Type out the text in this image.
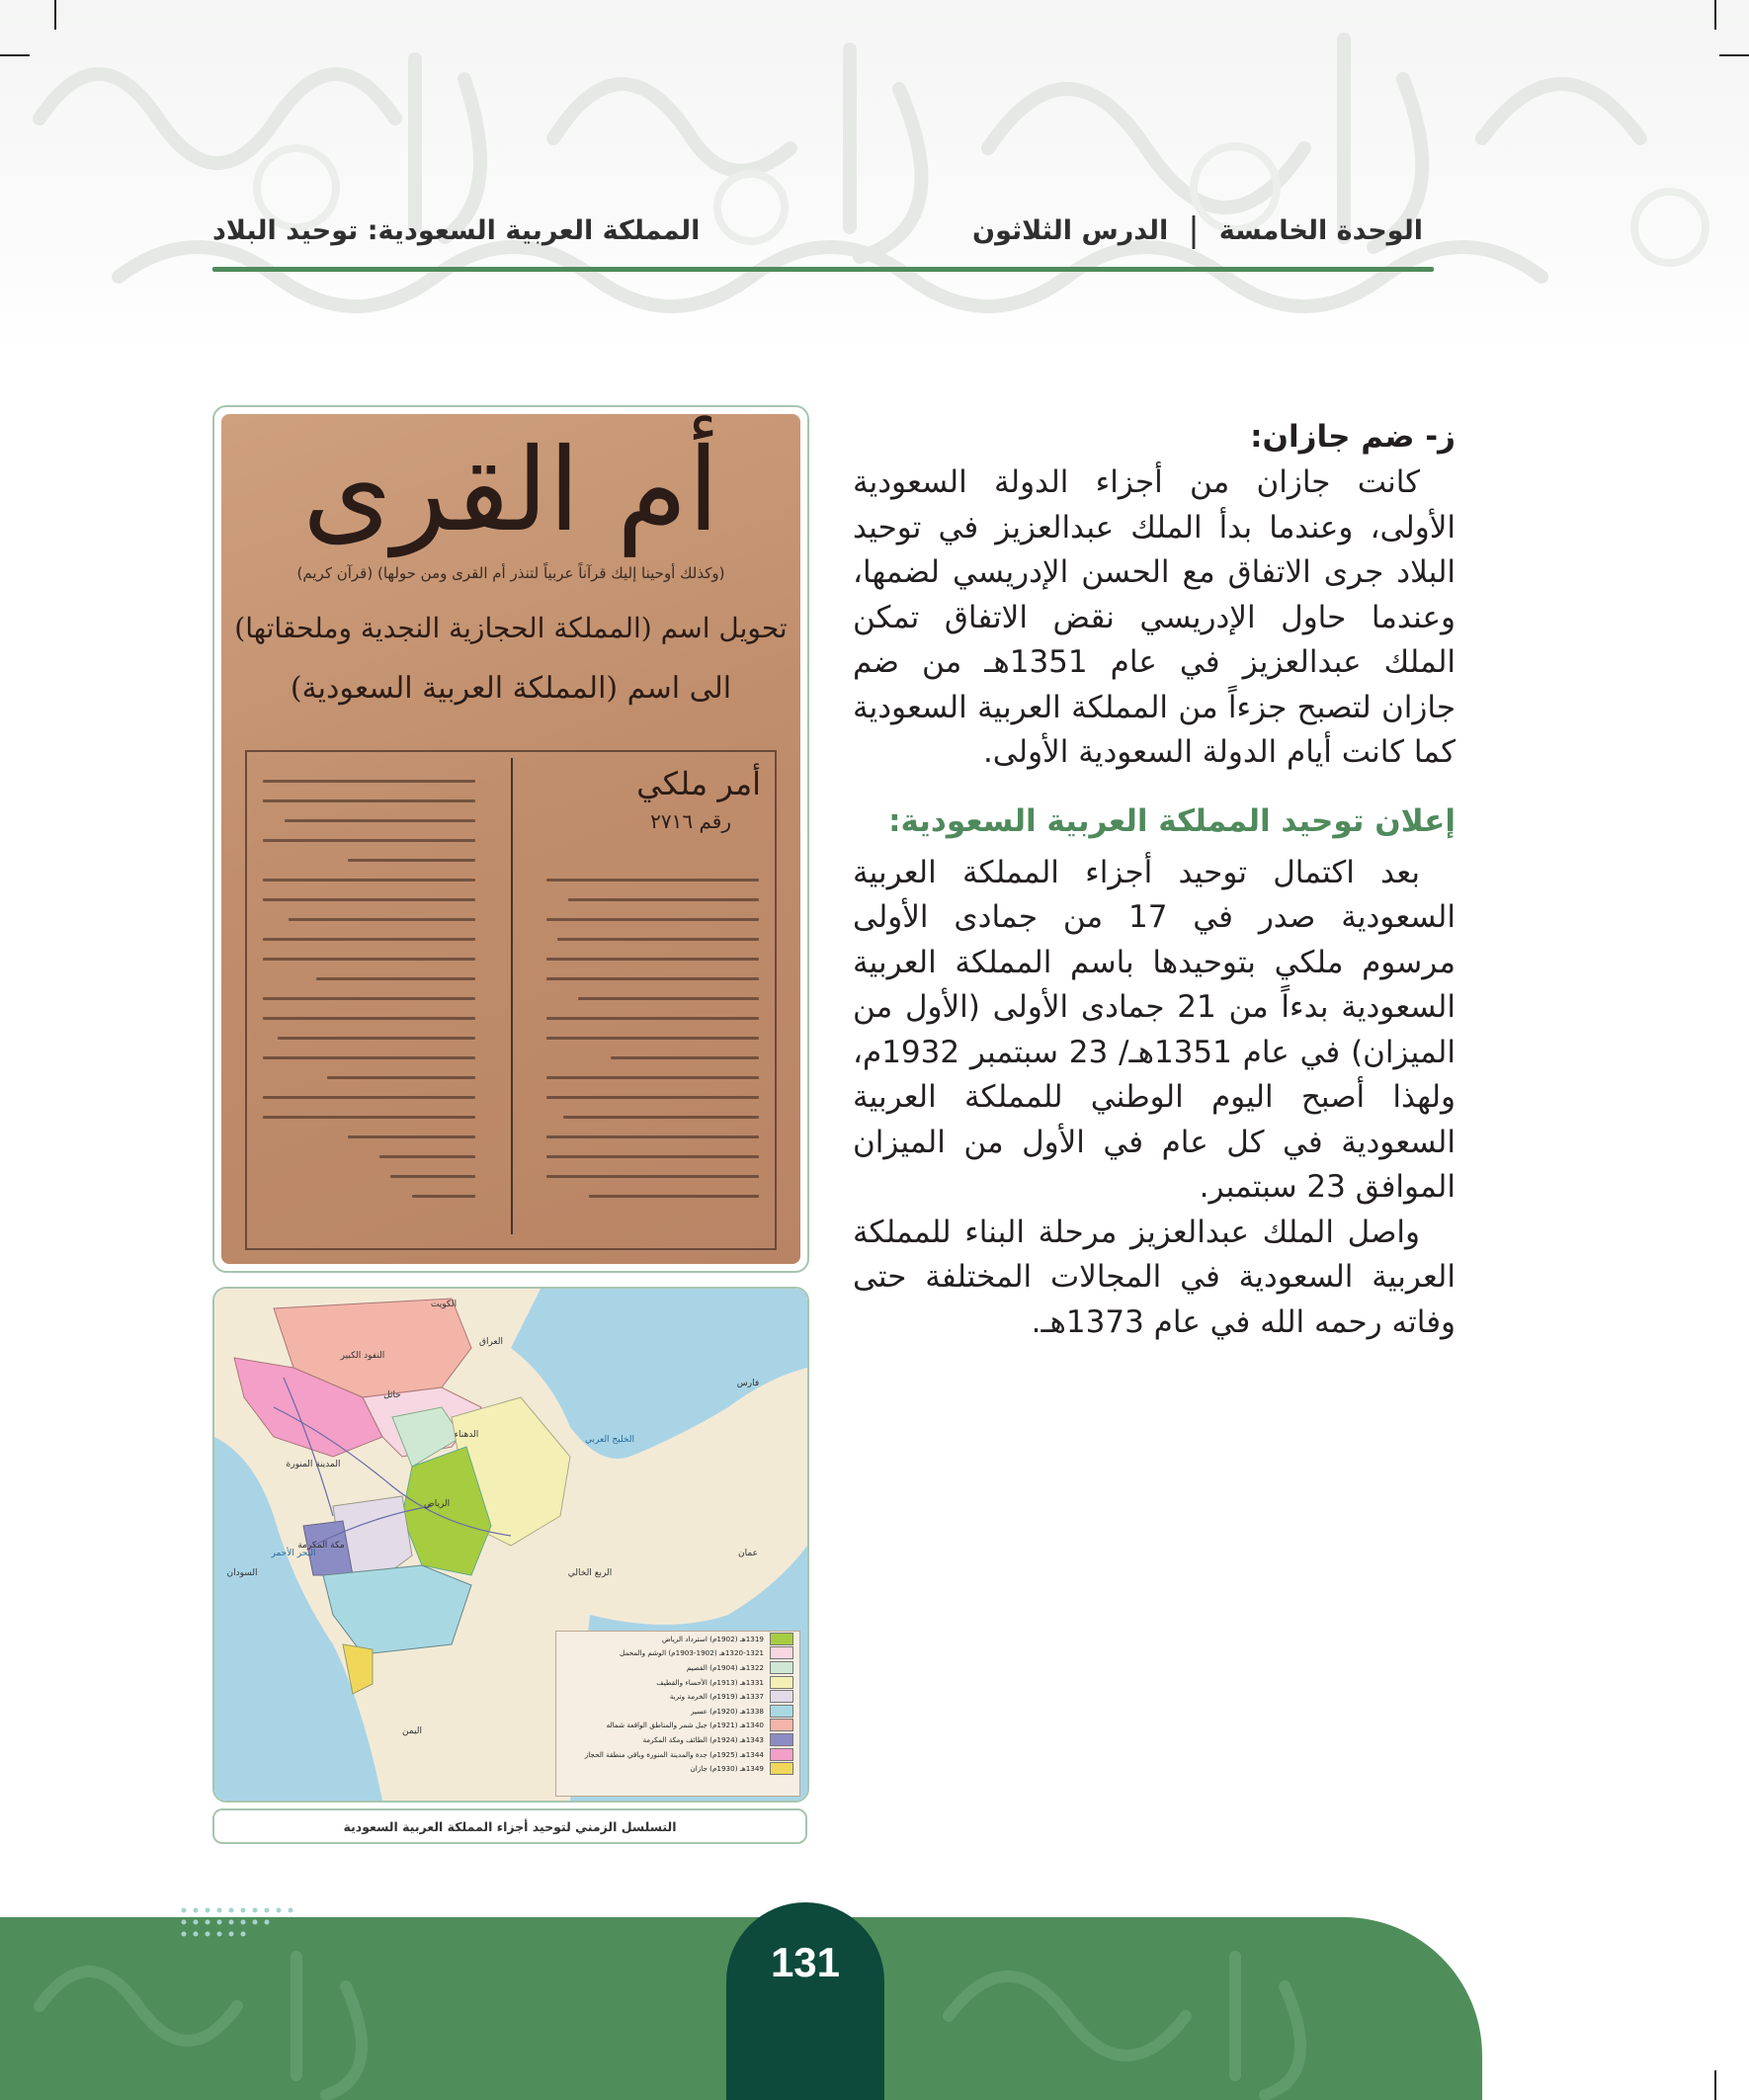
الوحدة الخامسة
|
الدرس الثلاثون
المملكة العربية السعودية: توحيد البلاد
ز- ضم جازان:

كانت جازان من أجزاء الدولة السعودية الأولى، وعندما بدأ الملك عبدالعزيز في توحيد البلاد جرى الاتفاق مع الحسن الإدريسي لضمها، وعندما حاول الإدريسي نقض الاتفاق تمكن الملك عبدالعزيز في عام 1351هـ من ضم جازان لتصبح جزءاً من المملكة العربية السعودية كما كانت أيام الدولة السعودية الأولى.

إعلان توحيد المملكة العربية السعودية:

بعد اكتمال توحيد أجزاء المملكة العربية السعودية صدر في 17 من جمادى الأولى مرسوم ملكي بتوحيدها باسم المملكة العربية السعودية بدءاً من 21 جمادى الأولى (الأول من الميزان) في عام 1351هـ/ 23 سبتمبر 1932م، ولهذا أصبح اليوم الوطني للمملكة العربية السعودية في كل عام في الأول من الميزان الموافق 23 سبتمبر.

واصل الملك عبدالعزيز مرحلة البناء للمملكة العربية السعودية في المجالات المختلفة حتى وفاته رحمه الله في عام 1373هـ.

أم القرى
(وكذلك أوحينا إليك قرآناً عربياً لتنذر أم القرى ومن حولها) (قرآن كريم)
تحويل اسم (المملكة الحجازية النجدية وملحقاتها)
الى اسم (المملكة العربية السعودية)
أمر ملكي
رقم ٢٧١٦
الكويت
العراق
فارس
السودان
اليمن
عمان
الخليج العربي
البحر الأحمر
الربع الخالي
الرياض
مكة المكرمة
المدينة المنورة
حائل
النفود الكبير
الدهناء
1319هـ (1902م) استرداد الرياض
1320-1321هـ (1902-1903م) الوشم والمحمل
1322هـ (1904م) القصيم
1331هـ (1913م) الأحساء والقطيف
1337هـ (1919م) الخرمة وتربة
1338هـ (1920م) عسير
1340هـ (1921م) جبل شمر والمناطق الواقعة شماله
1343هـ (1924م) الطائف ومكة المكرمة
1344هـ (1925م) جدة والمدينة المنورة وباقي منطقة الحجاز
1349هـ (1930م) جازان
التسلسل الزمني لتوحيد أجزاء المملكة العربية السعودية
131
